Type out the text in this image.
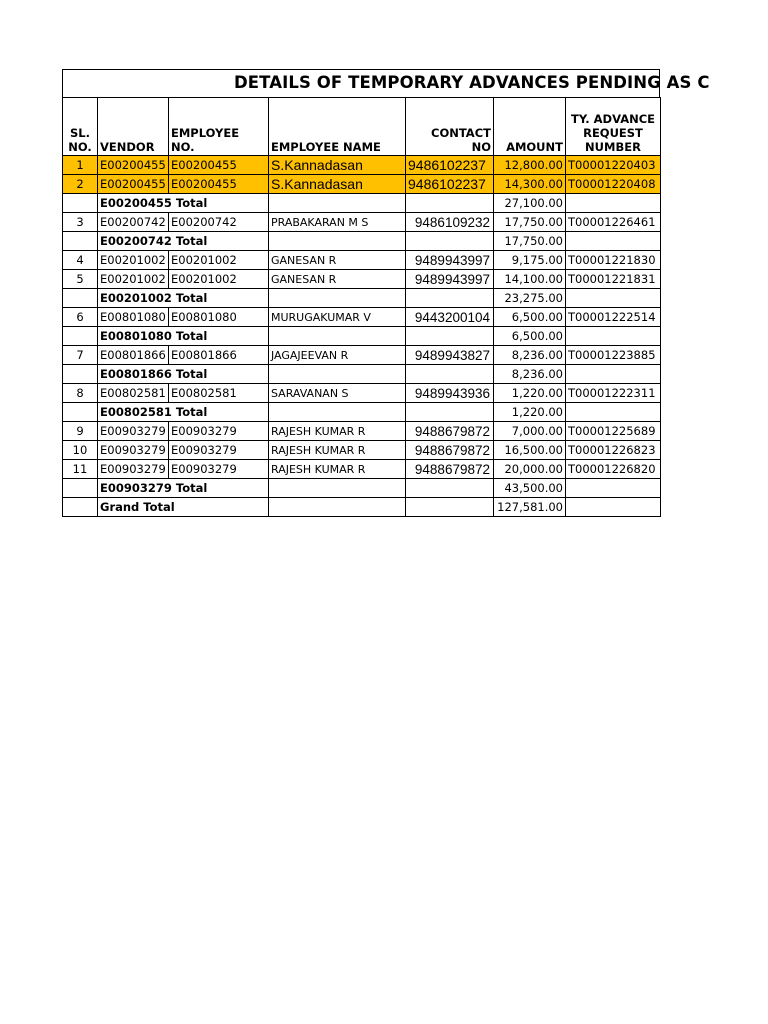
DETAILS OF TEMPORARY ADVANCES PENDING AS C
SL. NO.	VENDOR	EMPLOYEE NO.	EMPLOYEE NAME	CONTACT NO	AMOUNT	TY. ADVANCE REQUEST NUMBER
1	E00200455	E00200455	S.Kannadasan	9486102237	12,800.00	T00001220403
2	E00200455	E00200455	S.Kannadasan	9486102237	14,300.00	T00001220408
	E00200455 Total				27,100.00	
3	E00200742	E00200742	PRABAKARAN M S	9486109232	17,750.00	T00001226461
	E00200742 Total				17,750.00	
4	E00201002	E00201002	GANESAN R	9489943997	9,175.00	T00001221830
5	E00201002	E00201002	GANESAN R	9489943997	14,100.00	T00001221831
	E00201002 Total				23,275.00	
6	E00801080	E00801080	MURUGAKUMAR V	9443200104	6,500.00	T00001222514
	E00801080 Total				6,500.00	
7	E00801866	E00801866	JAGAJEEVAN R	9489943827	8,236.00	T00001223885
	E00801866 Total				8,236.00	
8	E00802581	E00802581	SARAVANAN S	9489943936	1,220.00	T00001222311
	E00802581 Total				1,220.00	
9	E00903279	E00903279	RAJESH KUMAR R	9488679872	7,000.00	T00001225689
10	E00903279	E00903279	RAJESH KUMAR R	9488679872	16,500.00	T00001226823
11	E00903279	E00903279	RAJESH KUMAR R	9488679872	20,000.00	T00001226820
	E00903279 Total				43,500.00	
	Grand Total				127,581.00	
